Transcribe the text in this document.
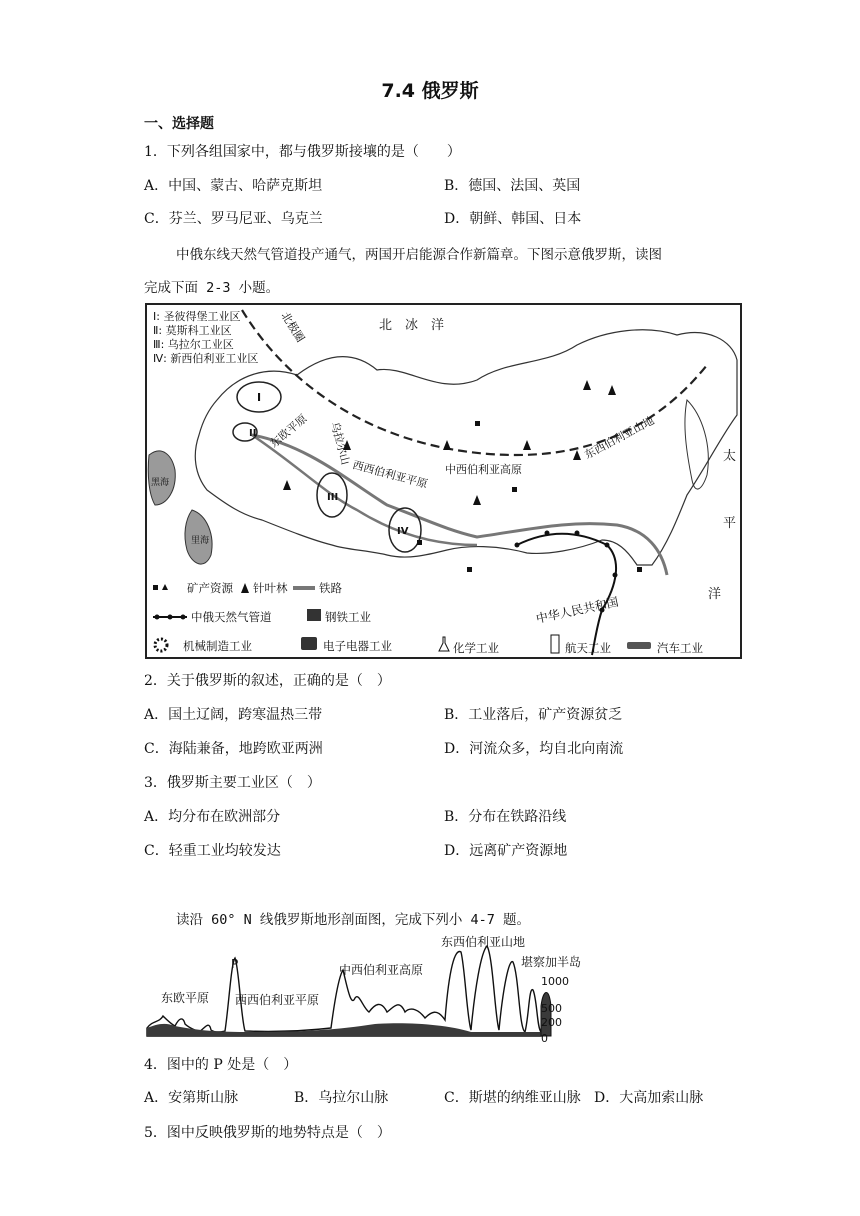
7.4 俄罗斯
一、选择题
1．下列各组国家中，都与俄罗斯接壤的是（　　）
A．中国、蒙古、哈萨克斯坦	B．德国、法国、英国
C．芬兰、罗马尼亚、乌克兰	D．朝鲜、韩国、日本
中俄东线天然气管道投产通气，两国开启能源合作新篇章。下图示意俄罗斯，读图
完成下面 2-3 小题。
Ⅰ: 圣彼得堡工业区
Ⅱ: 莫斯科工业区
Ⅲ: 乌拉尔工业区
Ⅳ: 新西伯利亚工业区
北　冰　洋
北极圈
东欧平原 乌拉尔山
西西伯利亚平原 中西伯利亚高原
东西伯利亚山地
黑海
里海
太
平
洋
中华人民共和国
I
II
III
IV
矿产资源 针叶林	铁路
中俄天然气管道	钢铁工业
机械制造工业	电子电器工业	化学工业	航天工业	汽车工业
2．关于俄罗斯的叙述，正确的是（　）
A．国土辽阔，跨寒温热三带	B．工业落后，矿产资源贫乏
C．海陆兼备，地跨欧亚两洲	D．河流众多，均自北向南流
3．俄罗斯主要工业区（　）
A．均分布在欧洲部分	B．分布在铁路沿线
C．轻重工业均较发达	D．远离矿产资源地
读沿 60° N 线俄罗斯地形剖面图，完成下列小 4-7 题。
东欧平原
P
西西伯利亚平原
中西伯利亚高原
东西伯利亚山地
堪察加半岛
1000
500
200
0
4．图中的 P 处是（　）
A．安第斯山脉	B．乌拉尔山脉	C．斯堪的纳维亚山脉 D．大高加索山脉
5．图中反映俄罗斯的地势特点是（　）
